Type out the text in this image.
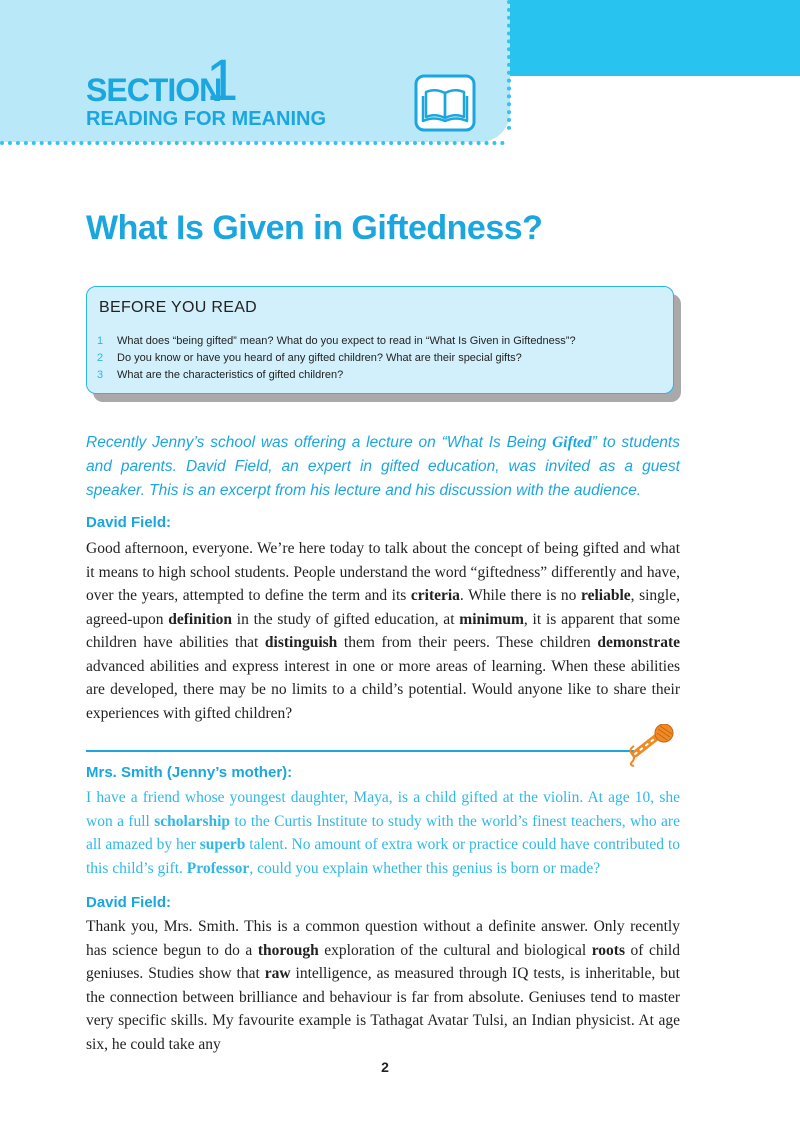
SECTION
1
READING FOR MEANING
What Is Given in Giftedness?
BEFORE YOU READ
1 What does “being gifted” mean? What do you expect to read in “What Is Given in Giftedness”?
2 Do you know or have you heard of any gifted children? What are their special gifts?
3 What are the characteristics of gifted children?

Recently Jenny’s school was offering a lecture on “What Is Being Gifted” to students and parents. David Field, an expert in gifted education, was invited as a guest speaker. This is an excerpt from his lecture and his discussion with the audience.

David Field:

Good afternoon, everyone. We’re here today to talk about the concept of being gifted and what it means to high school students. People understand the word “giftedness” differently and have, over the years, attempted to define the term and its criteria. While there is no reliable, single, agreed-upon definition in the study of gifted education, at minimum, it is apparent that some children have abilities that distinguish them from their peers. These children demonstrate advanced abilities and express interest in one or more areas of learning. When these abilities are developed, there may be no limits to a child’s potential. Would anyone like to share their experiences with gifted children?

Mrs. Smith (Jenny’s mother):

I have a friend whose youngest daughter, Maya, is a child gifted at the violin. At age 10, she won a full scholarship to the Curtis Institute to study with the world’s finest teachers, who are all amazed by her superb talent. No amount of extra work or practice could have contributed to this child’s gift. Professor, could you explain whether this genius is born or made?

David Field:

Thank you, Mrs. Smith. This is a common question without a definite answer. Only recently has science begun to do a thorough exploration of the cultural and biological roots of child geniuses. Studies show that raw intelligence, as measured through IQ tests, is inheritable, but the connection between brilliance and behaviour is far from absolute. Geniuses tend to master very specific skills. My favourite example is Tathagat Avatar Tulsi, an Indian physicist. At age six, he could take any

2
